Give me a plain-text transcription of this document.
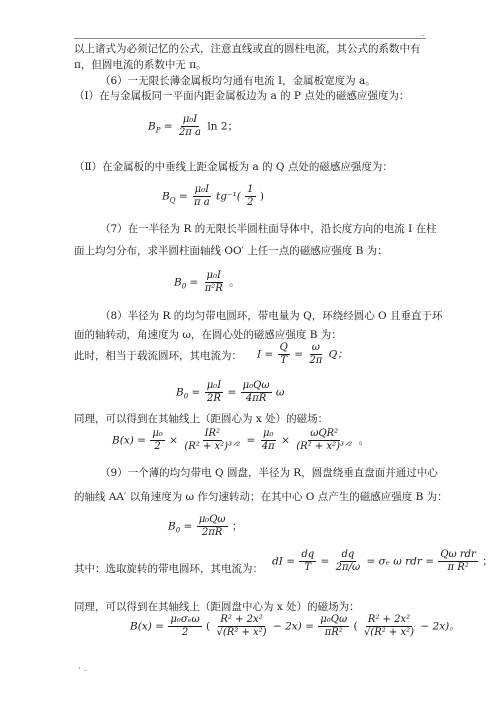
..
以上诸式为必须记忆的公式，注意直线或直的圆柱电流，其公式的系数中有
π，但圆电流的系数中无 π。
（6）一无限长薄金属板均匀通有电流 I，金属板宽度为 a。
（Ⅰ）在与金属板同一平面内距金属板边为 a 的 P 点处的磁感应强度为：
$B_P = \frac{\text{μ₀I}}{\text{2π a}}$ ln 2；
（Ⅱ）在金属板的中垂线上距金属板为 a 的 Q 点处的磁感应强度为：
$B_Q = \frac{\text{μ₀I}}{\text{π a}} tg^{-1}( \frac{1}{2}$ )
（7）在一半径为 R 的无限长半圆柱面导体中，沿长度方向的电流 I 在柱
面上均匀分布，求半圆柱面轴线 OO′ 上任一点的磁感应强度 B 为：
$B_0 = \frac{\text{μ₀I}}{\text{π²R}}$ 。
（8）半径为 R 的均匀带电圆环，带电量为 Q，环绕经圆心 O 且垂直于环
面的轴转动，角速度为 ω，在圆心处的磁感应强度 B 为：
此时，相当于载流圆环，其电流为： $I = \frac{Q}{T} = \frac{\omega}{2\pi}$ Q；
$B_0 = \frac{\text{μ₀I}}{2R} = \frac{\text{μ₀Qω}}{4\pi R}$ ω
同理，可以得到在其轴线上（距圆心为 x 处）的磁场：
$B(x) = \frac{\text{μ₀}}{2} \times \frac{\text{IR²}}{\text{(R² + x²)³ᐟ²}} = \frac{\text{μ₀}}{4\pi} \times \frac{\text{ωQR²}}{\text{(R² + x²)³ᐟ²}}$ 。
（9）一个薄的均匀带电 Q 圆盘，半径为 R，圆盘绕垂直盘面并通过中心
的轴线 AA′ 以角速度为 ω 作匀速转动；在其中心 O 点产生的磁感应强度 B 为：
$B_0 = \frac{\text{μ₀Qω}}{2\pi R}$ ；
其中：选取旋转的带电圆环，其电流为：
dI = $\frac{dq}{T} = \frac{dq}{2\pi/\omega} = \sigma_e$ ω rdr = $\frac{\text{Qω rdr}}{\text{π R²}}$ ；
同理，可以得到在其轴线上（距圆盘中心为 x 处）的磁场为：
$B(x) = \frac{\text{μ₀σₑω}}{2}$ ( $\frac{\text{R² + 2x²}}{\text{√(R² + x²)}} - 2x) = \frac{\text{μ₀Qω}}{\text{πR²}}$ ( $\frac{\text{R² + 2x²}}{\text{√(R² + x²)}} - 2x$)。
· .
